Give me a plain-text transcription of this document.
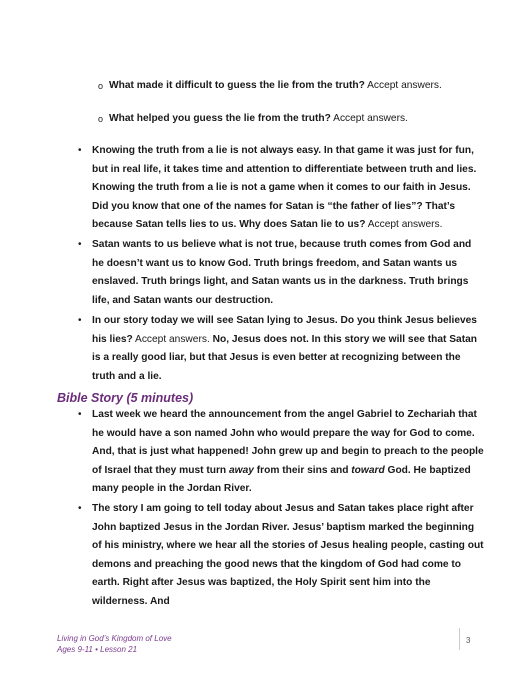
o What made it difficult to guess the lie from the truth? Accept answers.
o What helped you guess the lie from the truth? Accept answers.
• Knowing the truth from a lie is not always easy. In that game it was just for fun, but in real life, it takes time and attention to differentiate between truth and lies. Knowing the truth from a lie is not a game when it comes to our faith in Jesus. Did you know that one of the names for Satan is “the father of lies”? That’s because Satan tells lies to us. Why does Satan lie to us? Accept answers.
• Satan wants to us believe what is not true, because truth comes from God and he doesn’t want us to know God. Truth brings freedom, and Satan wants us enslaved. Truth brings light, and Satan wants us in the darkness. Truth brings life, and Satan wants our destruction.
• In our story today we will see Satan lying to Jesus. Do you think Jesus believes his lies? Accept answers. No, Jesus does not. In this story we will see that Satan is a really good liar, but that Jesus is even better at recognizing between the truth and a lie.
Bible Story (5 minutes)
• Last week we heard the announcement from the angel Gabriel to Zechariah that he would have a son named John who would prepare the way for God to come. And, that is just what happened! John grew up and begin to preach to the people of Israel that they must turn away from their sins and toward God. He baptized many people in the Jordan River.
• The story I am going to tell today about Jesus and Satan takes place right after John baptized Jesus in the Jordan River. Jesus’ baptism marked the beginning of his ministry, where we hear all the stories of Jesus healing people, casting out demons and preaching the good news that the kingdom of God had come to earth. Right after Jesus was baptized, the Holy Spirit sent him into the wilderness. And
Living in God’s Kingdom of Love
Ages 9-11 • Lesson 21
3
